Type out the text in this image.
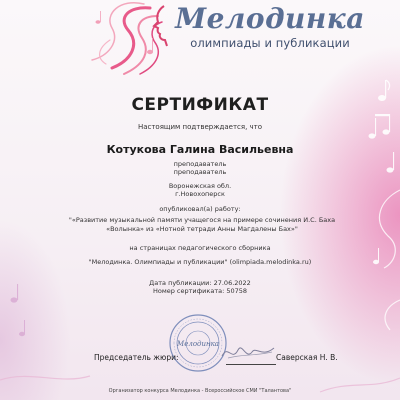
Мелодинка
олимпиады и публикации
СЕРТИФИКАТ
Настоящим подтверждается, что
Котукова Галина Васильевна
преподаватель
преподаватель
Воронежская обл.
г.Новохоперск
опубликовал(а) работу:
"«Развитие музыкальной памяти учащегося на примере сочинения И.С. Баха «Волынка» из «Нотной тетради Анны Магдалены Бах»"
на страницах педагогического сборника
"Мелодинка. Олимпиады и публикации" (olimpiada.melodinka.ru)
Дата публикации: 27.06.2022
Номер сертификата: 50758
Мелодинка
Председатель жюри:	Саверская Н. В.
Организатор конкурса Мелодинка - Всероссийское СМИ "Талантова"
